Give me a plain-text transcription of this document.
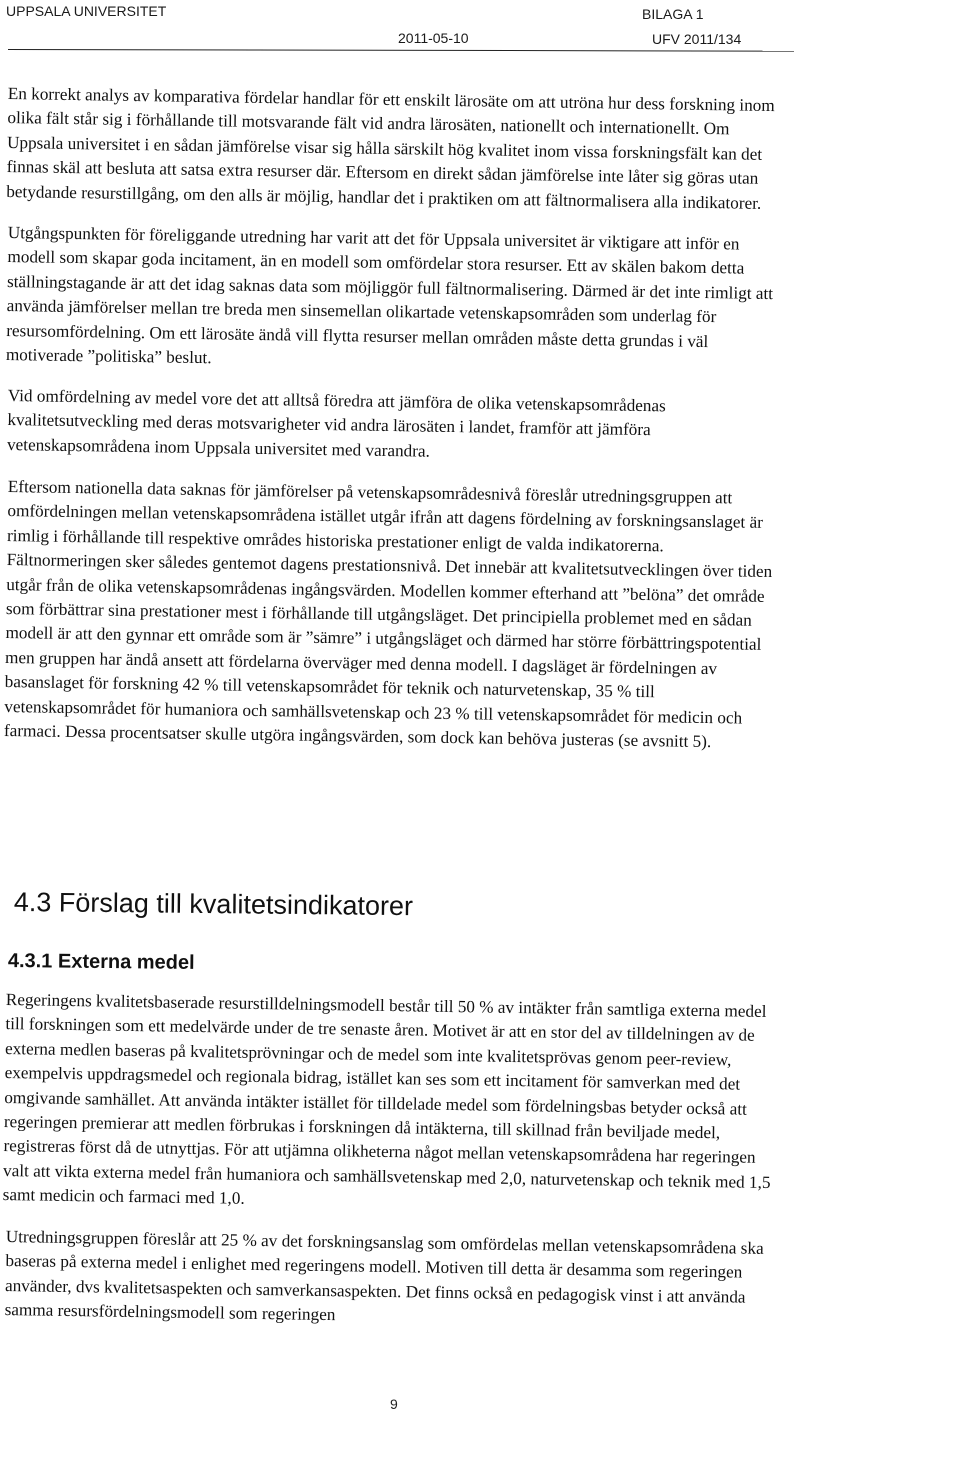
UPPSALA UNIVERSITET	BILAGA 1
2011-05-10	UFV 2011/134

En korrekt analys av komparativa fördelar handlar för ett enskilt lärosäte om att utröna hur dess forskning inom olika fält står sig i förhållande till motsvarande fält vid andra lärosäten, nationellt och internationellt. Om Uppsala universitet i en sådan jämförelse visar sig hålla särskilt hög kvalitet inom vissa forskningsfält kan det finnas skäl att besluta att satsa extra resurser där. Eftersom en direkt sådan jämförelse inte låter sig göras utan betydande resurstillgång, om den alls är möjlig, handlar det i praktiken om att fältnormalisera alla indikatorer.

Utgångspunkten för föreliggande utredning har varit att det för Uppsala universitet är viktigare att inför en modell som skapar goda incitament, än en modell som omfördelar stora resurser. Ett av skälen bakom detta ställningstagande är att det idag saknas data som möjliggör full fältnormalisering. Därmed är det inte rimligt att använda jämförelser mellan tre breda men sinsemellan olikartade vetenskapsområden som underlag för resursomfördelning. Om ett lärosäte ändå vill flytta resurser mellan områden måste detta grundas i väl motiverade ”politiska” beslut.

Vid omfördelning av medel vore det att alltså föredra att jämföra de olika vetenskapsområdenas kvalitetsutveckling med deras motsvarigheter vid andra lärosäten i landet, framför att jämföra vetenskapsområdena inom Uppsala universitet med varandra.

Eftersom nationella data saknas för jämförelser på vetenskapsområdesnivå föreslår utredningsgruppen att omfördelningen mellan vetenskapsområdena istället utgår ifrån att dagens fördelning av forskningsanslaget är rimlig i förhållande till respektive områdes historiska prestationer enligt de valda indikatorerna. Fältnormeringen sker således gentemot dagens prestationsnivå. Det innebär att kvalitetsutvecklingen över tiden utgår från de olika vetenskapsområdenas ingångsvärden. Modellen kommer efterhand att ”belöna” det område som förbättrar sina prestationer mest i förhållande till utgångsläget. Det principiella problemet med en sådan modell är att den gynnar ett område som är ”sämre” i utgångsläget och därmed har större förbättringspotential men gruppen har ändå ansett att fördelarna överväger med denna modell. I dagsläget är fördelningen av basanslaget för forskning 42 % till vetenskapsområdet för teknik och naturvetenskap, 35 % till vetenskapsområdet för humaniora och samhällsvetenskap och 23 % till vetenskapsområdet för medicin och farmaci. Dessa procentsatser skulle utgöra ingångsvärden, som dock kan behöva justeras (se avsnitt 5).

4.3 Förslag till kvalitetsindikatorer
4.3.1 Externa medel

Regeringens kvalitetsbaserade resurstilldelningsmodell består till 50 % av intäkter från samtliga externa medel till forskningen som ett medelvärde under de tre senaste åren. Motivet är att en stor del av tilldelningen av de externa medlen baseras på kvalitetsprövningar och de medel som inte kvalitetsprövas genom peer-review, exempelvis uppdragsmedel och regionala bidrag, istället kan ses som ett incitament för samverkan med det omgivande samhället. Att använda intäkter istället för tilldelade medel som fördelningsbas betyder också att regeringen premierar att medlen förbrukas i forskningen då intäkterna, till skillnad från beviljade medel, registreras först då de utnyttjas. För att utjämna olikheterna något mellan vetenskapsområdena har regeringen valt att vikta externa medel från humaniora och samhällsvetenskap med 2,0, naturvetenskap och teknik med 1,5 samt medicin och farmaci med 1,0.

Utredningsgruppen föreslår att 25 % av det forskningsanslag som omfördelas mellan vetenskapsområdena ska baseras på externa medel i enlighet med regeringens modell. Motiven till detta är desamma som regeringen använder, dvs kvalitetsaspekten och samverkansaspekten. Det finns också en pedagogisk vinst i att använda samma resursfördelningsmodell som regeringen

9
